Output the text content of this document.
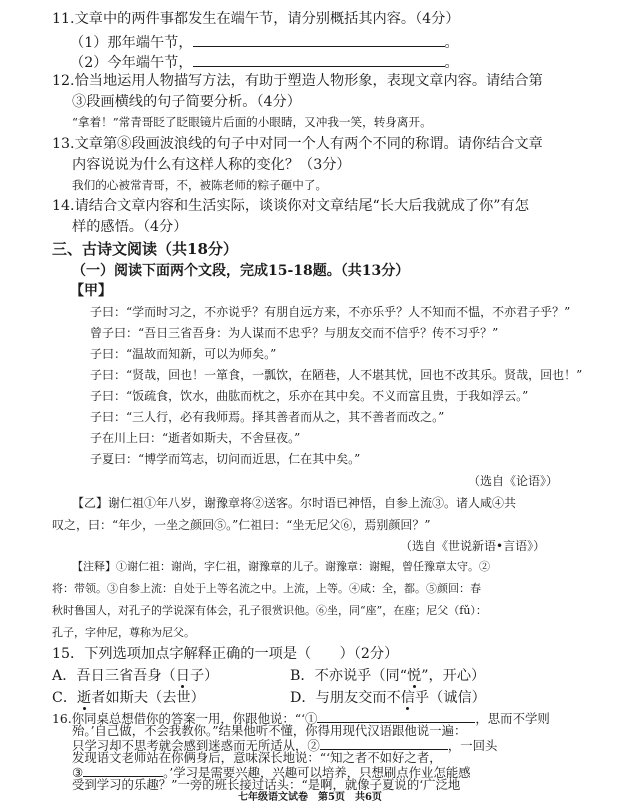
11.文章中的两件事都发生在端午节，请分别概括其内容。（4分）
（1）那年端午节，	。
（2）今年端午节，	。
12.恰当地运用人物描写方法，有助于塑造人物形象，表现文章内容。请结合第
③段画横线的句子简要分析。（4分）
“拿着！”常青哥眨了眨眼镜片后面的小眼睛，又冲我一笑，转身离开。
13.文章第⑧段画波浪线的句子中对同一个人有两个不同的称谓。请你结合文章
内容说说为什么有这样人称的变化？（3分）
我们的心被常青哥，不，被陈老师的粽子砸中了。
14.请结合文章内容和生活实际，谈谈你对文章结尾“长大后我就成了你”有怎
样的感悟。（4分）
三、古诗文阅读（共18分）
（一）阅读下面两个文段，完成15-18题。（共13分）
【甲】
子曰：“学而时习之，不亦说乎？有朋自远方来，不亦乐乎？人不知而不愠，不亦君子乎？”
曾子曰：“吾日三省吾身：为人谋而不忠乎？与朋友交而不信乎？传不习乎？”
子曰：“温故而知新，可以为师矣。”
子曰：“贤哉，回也！一箪食，一瓢饮，在陋巷，人不堪其忧，回也不改其乐。贤哉，回也！”
子曰：“饭疏食，饮水，曲肱而枕之，乐亦在其中矣。不义而富且贵，于我如浮云。”
子曰：“三人行，必有我师焉。择其善者而从之，其不善者而改之。”
子在川上曰：“逝者如斯夫，不舍昼夜。”
子夏曰：“博学而笃志，切问而近思，仁在其中矣。”
（选自《论语》）
【乙】谢仁祖①年八岁，谢豫章将②送客。尔时语已神悟，自参上流③。诸人咸④共
叹之，曰：“年少，一坐之颜回⑤。”仁祖曰：“坐无尼父⑥，焉别颜回？”
（选自《世说新语•言语》）
【注释】①谢仁祖：谢尚，字仁祖，谢豫章的儿子。谢豫章：谢鲲，曾任豫章太守。②
将：带领。③自参上流：自处于上等名流之中。上流，上等。④咸：全，都。⑤颜回：春
秋时鲁国人，对孔子的学说深有体会，孔子很赏识他。⑥坐，同“座”，在座；尼父（fǔ）：
孔子，字仲尼，尊称为尼父。
15．下列选项加点字解释正确的一项是（　　）（2分）
A．吾日三省吾身（日子）	B．不亦说乎（同“悦”，开心）
C．逝者如斯夫（去世）	D．与朋友交而不信乎（诚信）
16.你同桌总想借你的答案一用，你跟他说：“‘①	，思而不学则
殆。’自己做，不会我教你。”结果他听不懂，你得用现代汉语跟他说一遍：
只学习却不思考就会感到迷惑而无所适从，②	，一回头
发现语文老师站在你俩身后，意味深长地说：“‘知之者不如好之者，
③	。’学习是需要兴趣，兴趣可以培养，只想刷点作业怎能感
受到学习的乐趣？”一旁的班长接过话头：“是啊，就像子夏说的‘广泛地
七年级语文试卷　第5页　共6页
